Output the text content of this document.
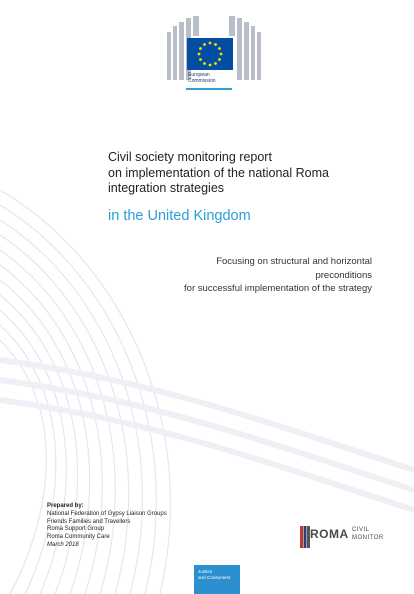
European
Commission
Civil society monitoring report
on implementation of the national Roma
integration strategies
in the United Kingdom
Focusing on structural and horizontal
preconditions
for successful implementation of the strategy
Prepared by:
National Federation of Gypsy Liaison Groups
Friends Families and Travellers
Roma Support Group
Roma Community Care
March 2018
ROMA CIVIL
MONITOR
Justice
and Consumers
